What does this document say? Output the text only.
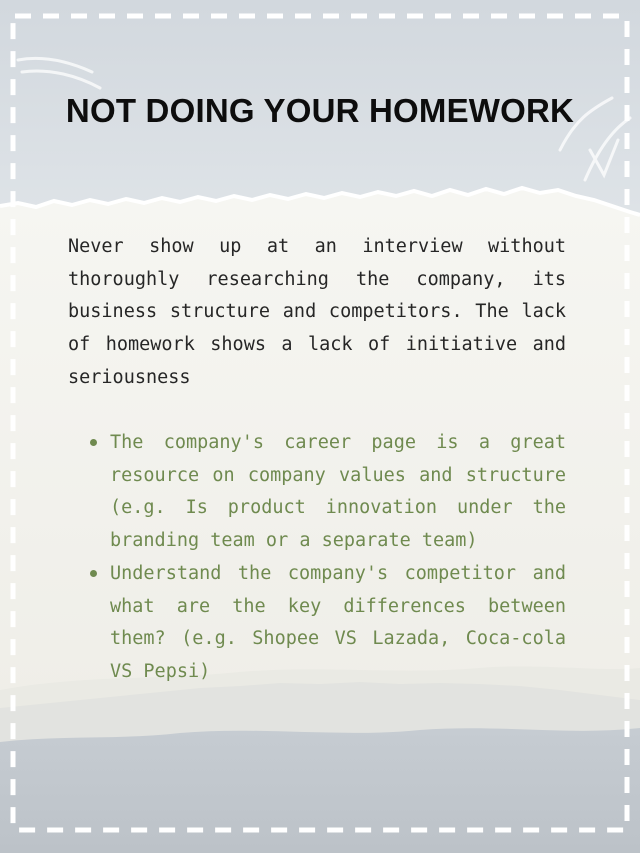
NOT DOING YOUR HOMEWORK

Never show up at an interview without thoroughly researching the company, its business structure and competitors. The lack of homework shows a lack of initiative and seriousness

The company's career page is a great resource on company values and structure (e.g. Is product innovation under the branding team or a separate team)
Understand the company's competitor and what are the key differences between them? (e.g. Shopee VS Lazada, Coca-cola VS Pepsi)
